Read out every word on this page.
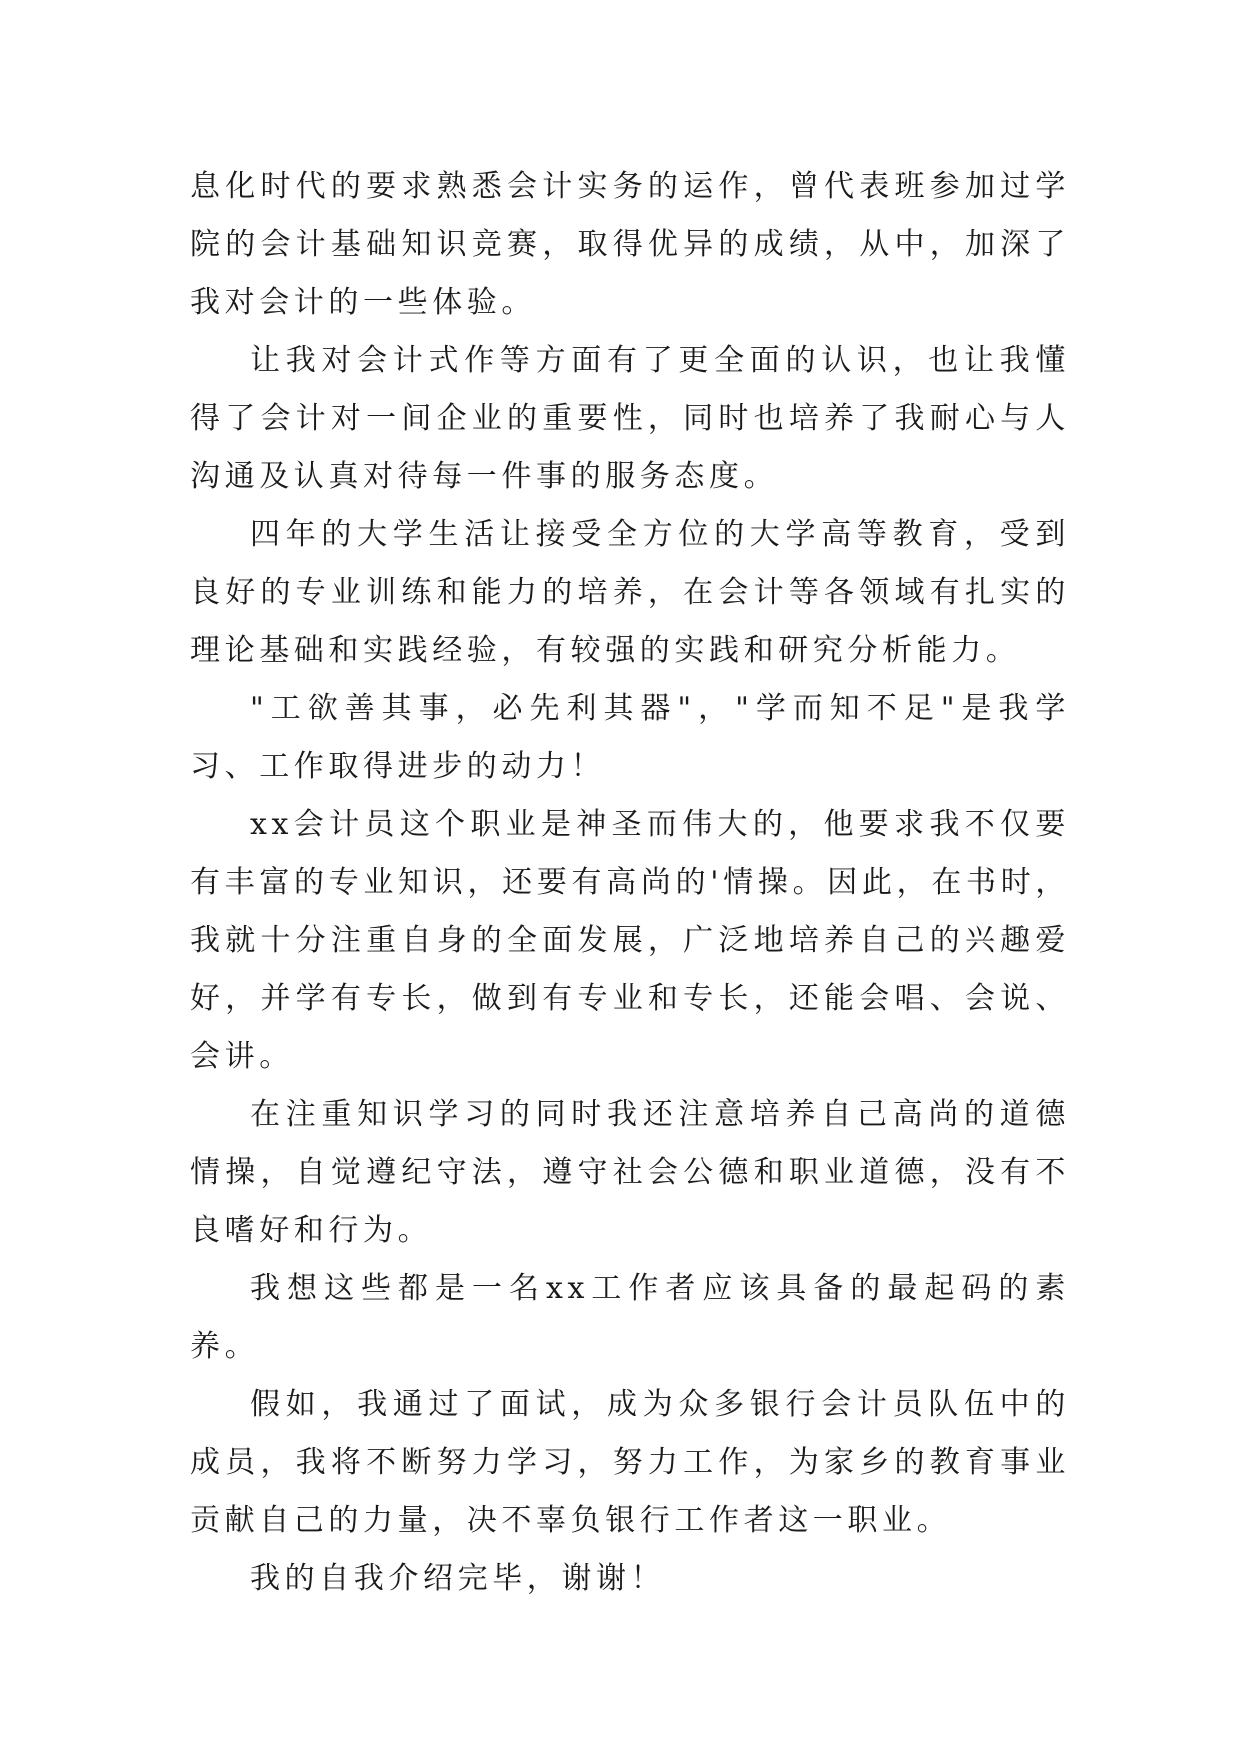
息化时代的要求熟悉会计实务的运作，曾代表班参加过学院的会计基础知识竞赛，取得优异的成绩，从中，加深了我对会计的一些体验。

让我对会计式作等方面有了更全面的认识，也让我懂得了会计对一间企业的重要性，同时也培养了我耐心与人沟通及认真对待每一件事的服务态度。

四年的大学生活让接受全方位的大学高等教育，受到良好的专业训练和能力的培养，在会计等各领域有扎实的理论基础和实践经验，有较强的实践和研究分析能力。

"工欲善其事，必先利其器"，"学而知不足"是我学习、工作取得进步的动力！

xx会计员这个职业是神圣而伟大的，他要求我不仅要有丰富的专业知识，还要有高尚的'情操。因此，在书时，我就十分注重自身的全面发展，广泛地培养自己的兴趣爱好，并学有专长，做到有专业和专长，还能会唱、会说、会讲。

在注重知识学习的同时我还注意培养自己高尚的道德情操，自觉遵纪守法，遵守社会公德和职业道德，没有不良嗜好和行为。

我想这些都是一名xx工作者应该具备的最起码的素养。

假如，我通过了面试，成为众多银行会计员队伍中的成员，我将不断努力学习，努力工作，为家乡的教育事业贡献自己的力量，决不辜负银行工作者这一职业。

我的自我介绍完毕，谢谢！
